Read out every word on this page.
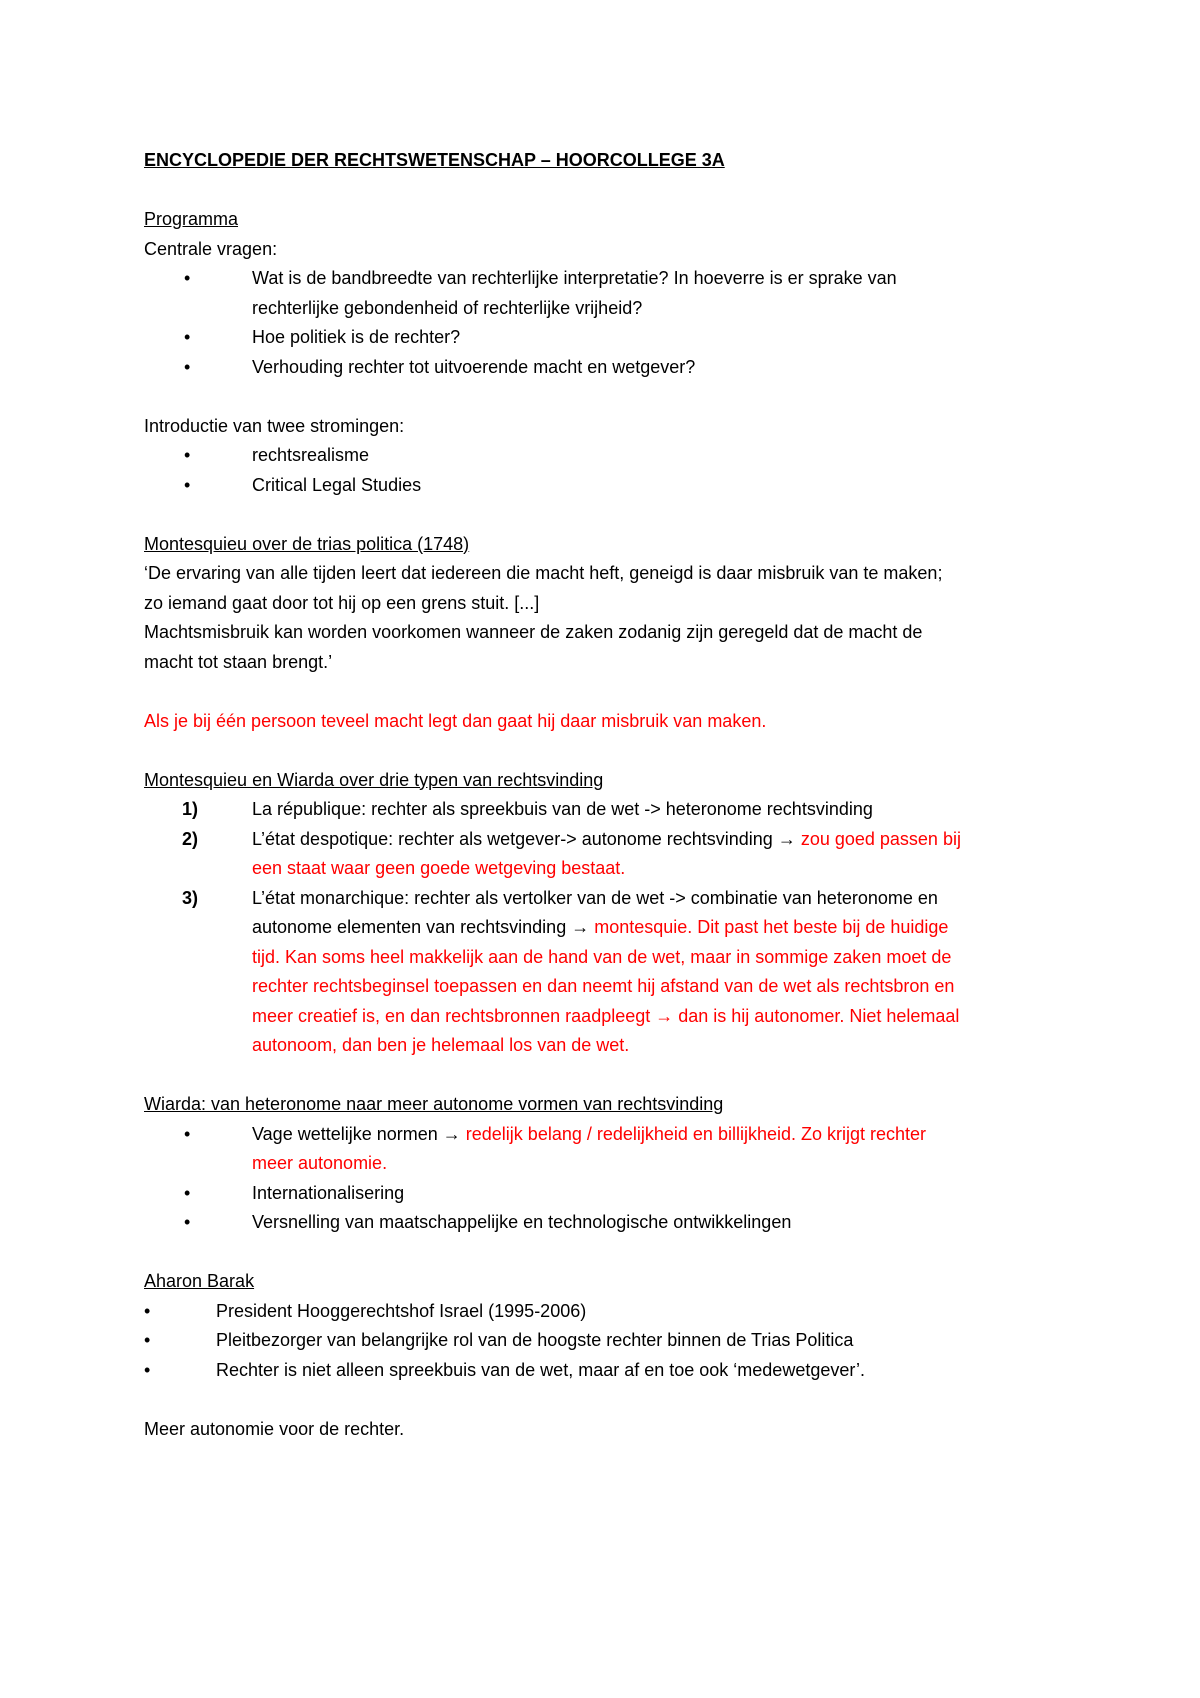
ENCYCLOPEDIE DER RECHTSWETENSCHAP – HOORCOLLEGE 3A
Programma
Centrale vragen:
•	Wat is de bandbreedte van rechterlijke interpretatie? In hoeverre is er sprake van
rechterlijke gebondenheid of rechterlijke vrijheid?
•	Hoe politiek is de rechter?
•	Verhouding rechter tot uitvoerende macht en wetgever?
Introductie van twee stromingen:
•	rechtsrealisme
•	Critical Legal Studies
Montesquieu over de trias politica (1748)
‘De ervaring van alle tijden leert dat iedereen die macht heft, geneigd is daar misbruik van te maken;
zo iemand gaat door tot hij op een grens stuit. [...]
Machtsmisbruik kan worden voorkomen wanneer de zaken zodanig zijn geregeld dat de macht de
macht tot staan brengt.’
Als je bij één persoon teveel macht legt dan gaat hij daar misbruik van maken.
Montesquieu en Wiarda over drie typen van rechtsvinding
1)	La république: rechter als spreekbuis van de wet -> heteronome rechtsvinding
2)	L’état despotique: rechter als wetgever-> autonome rechtsvinding → zou goed passen bij
een staat waar geen goede wetgeving bestaat.
3)	L’état monarchique: rechter als vertolker van de wet -> combinatie van heteronome en
autonome elementen van rechtsvinding → montesquie. Dit past het beste bij de huidige
tijd. Kan soms heel makkelijk aan de hand van de wet, maar in sommige zaken moet de
rechter rechtsbeginsel toepassen en dan neemt hij afstand van de wet als rechtsbron en
meer creatief is, en dan rechtsbronnen raadpleegt → dan is hij autonomer. Niet helemaal
autonoom, dan ben je helemaal los van de wet.
Wiarda: van heteronome naar meer autonome vormen van rechtsvinding
•	Vage wettelijke normen → redelijk belang / redelijkheid en billijkheid. Zo krijgt rechter
meer autonomie.
•	Internationalisering
•	Versnelling van maatschappelijke en technologische ontwikkelingen
Aharon Barak
•	President Hooggerechtshof Israel (1995-2006)
•	Pleitbezorger van belangrijke rol van de hoogste rechter binnen de Trias Politica
•	Rechter is niet alleen spreekbuis van de wet, maar af en toe ook ‘medewetgever’.
Meer autonomie voor de rechter.
